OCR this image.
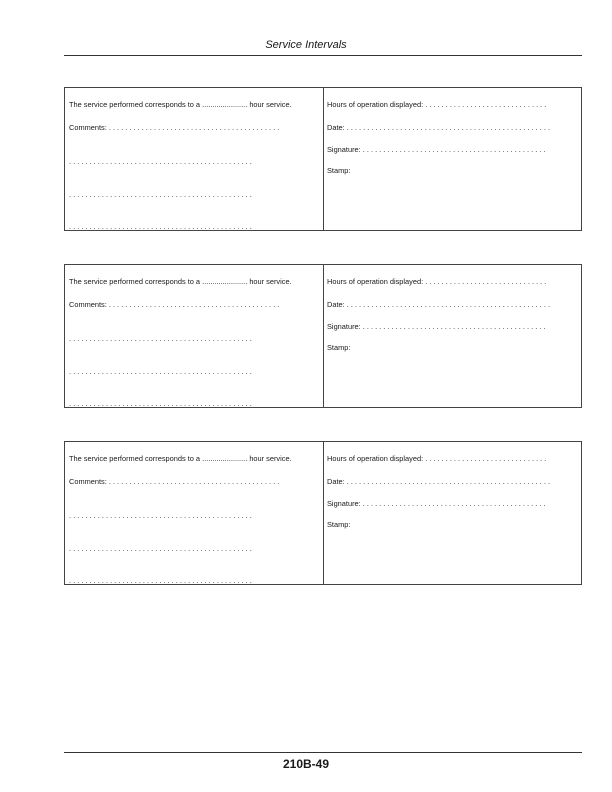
Service Intervals
The service performed corresponds to a ...................... hour service.
Comments: . . . . . . . . . . . . . . . . . . . . . . . . . . . . . . . . . . . . . . . . . .
. . . . . . . . . . . . . . . . . . . . . . . . . . . . . . . . . . . . . . . . . . . . .
. . . . . . . . . . . . . . . . . . . . . . . . . . . . . . . . . . . . . . . . . . . . .
. . . . . . . . . . . . . . . . . . . . . . . . . . . . . . . . . . . . . . . . . . . . .
Hours of operation displayed: . . . . . . . . . . . . . . . . . . . . . . . . . . . . . .
Date: . . . . . . . . . . . . . . . . . . . . . . . . . . . . . . . . . . . . . . . . . . . . . . . . . .
Signature: . . . . . . . . . . . . . . . . . . . . . . . . . . . . . . . . . . . . . . . . . . . . .
Stamp:
The service performed corresponds to a ...................... hour service.
Comments: . . . . . . . . . . . . . . . . . . . . . . . . . . . . . . . . . . . . . . . . . .
. . . . . . . . . . . . . . . . . . . . . . . . . . . . . . . . . . . . . . . . . . . . .
. . . . . . . . . . . . . . . . . . . . . . . . . . . . . . . . . . . . . . . . . . . . .
. . . . . . . . . . . . . . . . . . . . . . . . . . . . . . . . . . . . . . . . . . . . .
Hours of operation displayed: . . . . . . . . . . . . . . . . . . . . . . . . . . . . . .
Date: . . . . . . . . . . . . . . . . . . . . . . . . . . . . . . . . . . . . . . . . . . . . . . . . . .
Signature: . . . . . . . . . . . . . . . . . . . . . . . . . . . . . . . . . . . . . . . . . . . . .
Stamp:
The service performed corresponds to a ...................... hour service.
Comments: . . . . . . . . . . . . . . . . . . . . . . . . . . . . . . . . . . . . . . . . . .
. . . . . . . . . . . . . . . . . . . . . . . . . . . . . . . . . . . . . . . . . . . . .
. . . . . . . . . . . . . . . . . . . . . . . . . . . . . . . . . . . . . . . . . . . . .
. . . . . . . . . . . . . . . . . . . . . . . . . . . . . . . . . . . . . . . . . . . . .
Hours of operation displayed: . . . . . . . . . . . . . . . . . . . . . . . . . . . . . .
Date: . . . . . . . . . . . . . . . . . . . . . . . . . . . . . . . . . . . . . . . . . . . . . . . . . .
Signature: . . . . . . . . . . . . . . . . . . . . . . . . . . . . . . . . . . . . . . . . . . . . .
Stamp:
210B-49
